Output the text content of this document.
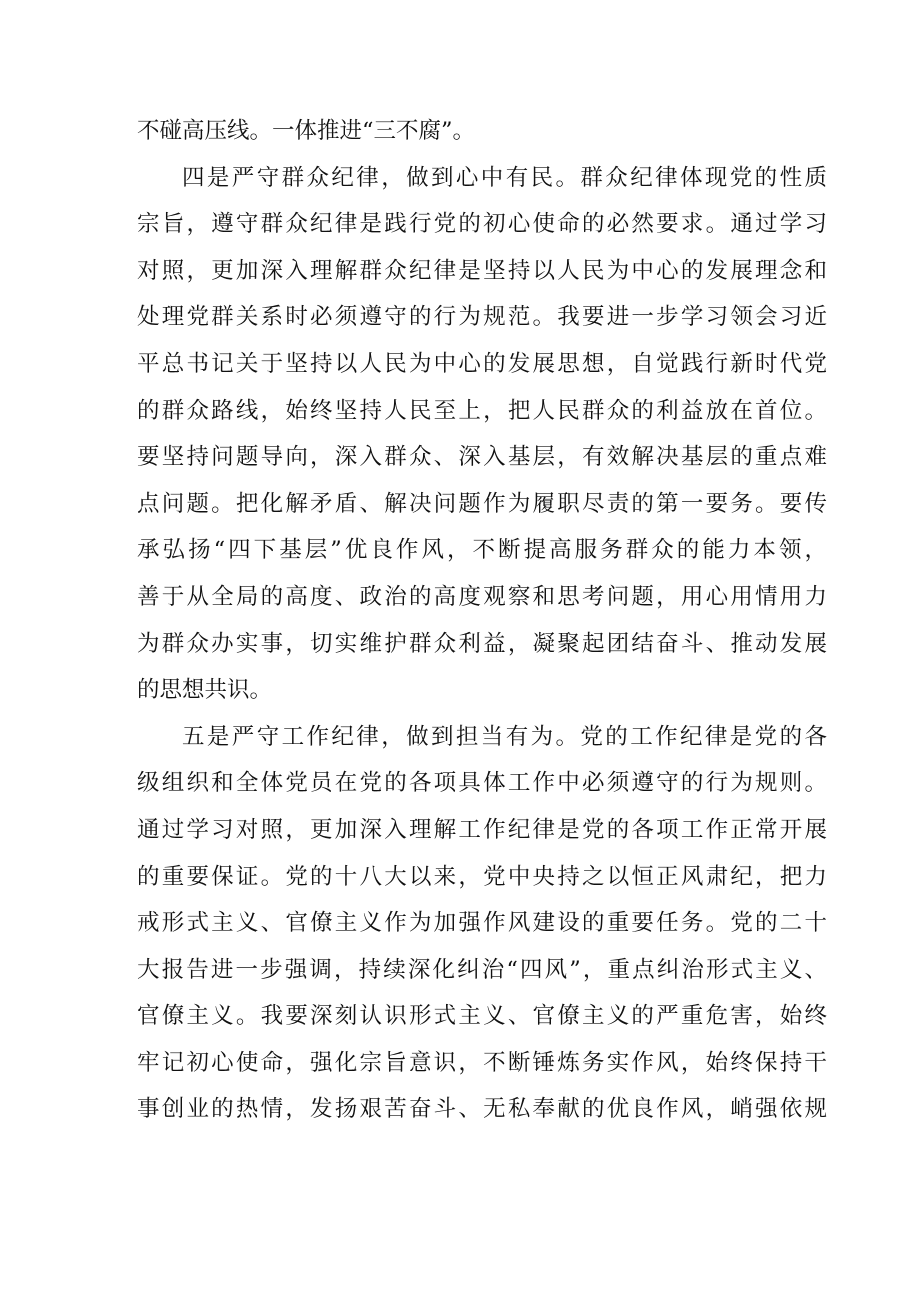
不碰高压线。一体推进“三不腐”。
四是严守群众纪律，做到心中有民。群众纪律体现党的性质
宗旨，遵守群众纪律是践行党的初心使命的必然要求。通过学习
对照，更加深入理解群众纪律是坚持以人民为中心的发展理念和
处理党群关系时必须遵守的行为规范。我要进一步学习领会习近
平总书记关于坚持以人民为中心的发展思想，自觉践行新时代党
的群众路线，始终坚持人民至上，把人民群众的利益放在首位。
要坚持问题导向，深入群众、深入基层，有效解决基层的重点难
点问题。把化解矛盾、解决问题作为履职尽责的第一要务。要传
承弘扬“四下基层”优良作风，不断提高服务群众的能力本领，
善于从全局的高度、政治的高度观察和思考问题，用心用情用力
为群众办实事，切实维护群众利益，凝聚起团结奋斗、推动发展
的思想共识。
五是严守工作纪律，做到担当有为。党的工作纪律是党的各
级组织和全体党员在党的各项具体工作中必须遵守的行为规则。
通过学习对照，更加深入理解工作纪律是党的各项工作正常开展
的重要保证。党的十八大以来，党中央持之以恒正风肃纪，把力
戒形式主义、官僚主义作为加强作风建设的重要任务。党的二十
大报告进一步强调，持续深化纠治“四风”，重点纠治形式主义、
官僚主义。我要深刻认识形式主义、官僚主义的严重危害，始终
牢记初心使命，强化宗旨意识，不断锤炼务实作风，始终保持干
事创业的热情，发扬艰苦奋斗、无私奉献的优良作风，峭强依规
